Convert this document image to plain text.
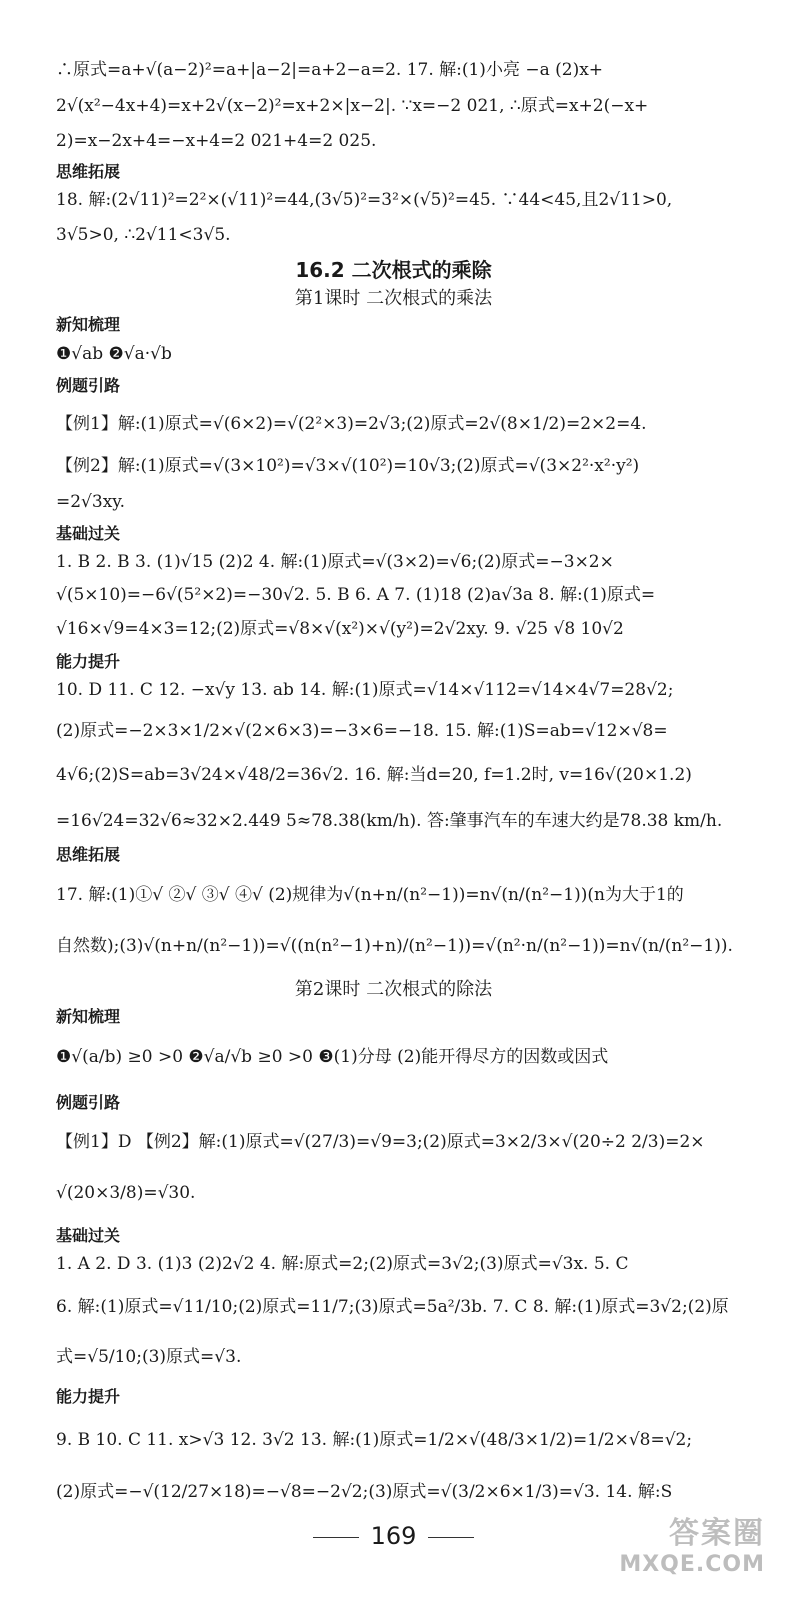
∴原式=a+√(a−2)²=a+|a−2|=a+2−a=2. 17. 解:(1)小亮 −a (2)x+
2√(x²−4x+4)=x+2√(x−2)²=x+2×|x−2|. ∵x=−2 021, ∴原式=x+2(−x+
2)=x−2x+4=−x+4=2 021+4=2 025.
思维拓展
18. 解:(2√11)²=2²×(√11)²=44,(3√5)²=3²×(√5)²=45. ∵44<45,且2√11>0,
3√5>0, ∴2√11<3√5.
16.2 二次根式的乘除
第1课时 二次根式的乘法
新知梳理
❶√ab ❷√a·√b
例题引路
【例1】解:(1)原式=√(6×2)=√(2²×3)=2√3;(2)原式=2√(8×1/2)=2×2=4.
【例2】解:(1)原式=√(3×10²)=√3×√(10²)=10√3;(2)原式=√(3×2²·x²·y²)
=2√3xy.
基础过关
1. B 2. B 3. (1)√15 (2)2 4. 解:(1)原式=√(3×2)=√6;(2)原式=−3×2×
√(5×10)=−6√(5²×2)=−30√2. 5. B 6. A 7. (1)18 (2)a√3a 8. 解:(1)原式=
√16×√9=4×3=12;(2)原式=√8×√(x²)×√(y²)=2√2xy. 9. √25 √8 10√2
能力提升
10. D 11. C 12. −x√y 13. ab 14. 解:(1)原式=√14×√112=√14×4√7=28√2;
(2)原式=−2×3×1/2×√(2×6×3)=−3×6=−18. 15. 解:(1)S=ab=√12×√8=
4√6;(2)S=ab=3√24×√48/2=36√2. 16. 解:当d=20, f=1.2时, v=16√(20×1.2)
=16√24=32√6≈32×2.449 5≈78.38(km/h). 答:肇事汽车的车速大约是78.38 km/h.
思维拓展
17. 解:(1)①√ ②√ ③√ ④√ (2)规律为√(n+n/(n²−1))=n√(n/(n²−1))(n为大于1的
自然数);(3)√(n+n/(n²−1))=√((n(n²−1)+n)/(n²−1))=√(n²·n/(n²−1))=n√(n/(n²−1)).
第2课时 二次根式的除法
新知梳理
❶√(a/b) ≥0 >0 ❷√a/√b ≥0 >0 ❸(1)分母 (2)能开得尽方的因数或因式
例题引路
【例1】D 【例2】解:(1)原式=√(27/3)=√9=3;(2)原式=3×2/3×√(20÷2 2/3)=2×
√(20×3/8)=√30.
基础过关
1. A 2. D 3. (1)3 (2)2√2 4. 解:原式=2;(2)原式=3√2;(3)原式=√3x. 5. C
6. 解:(1)原式=√11/10;(2)原式=11/7;(3)原式=5a²/3b. 7. C 8. 解:(1)原式=3√2;(2)原
式=√5/10;(3)原式=√3.
能力提升
9. B 10. C 11. x>√3 12. 3√2 13. 解:(1)原式=1/2×√(48/3×1/2)=1/2×√8=√2;
(2)原式=−√(12/27×18)=−√8=−2√2;(3)原式=√(3/2×6×1/3)=√3. 14. 解:S
169	答案圈
MXQE.COM
